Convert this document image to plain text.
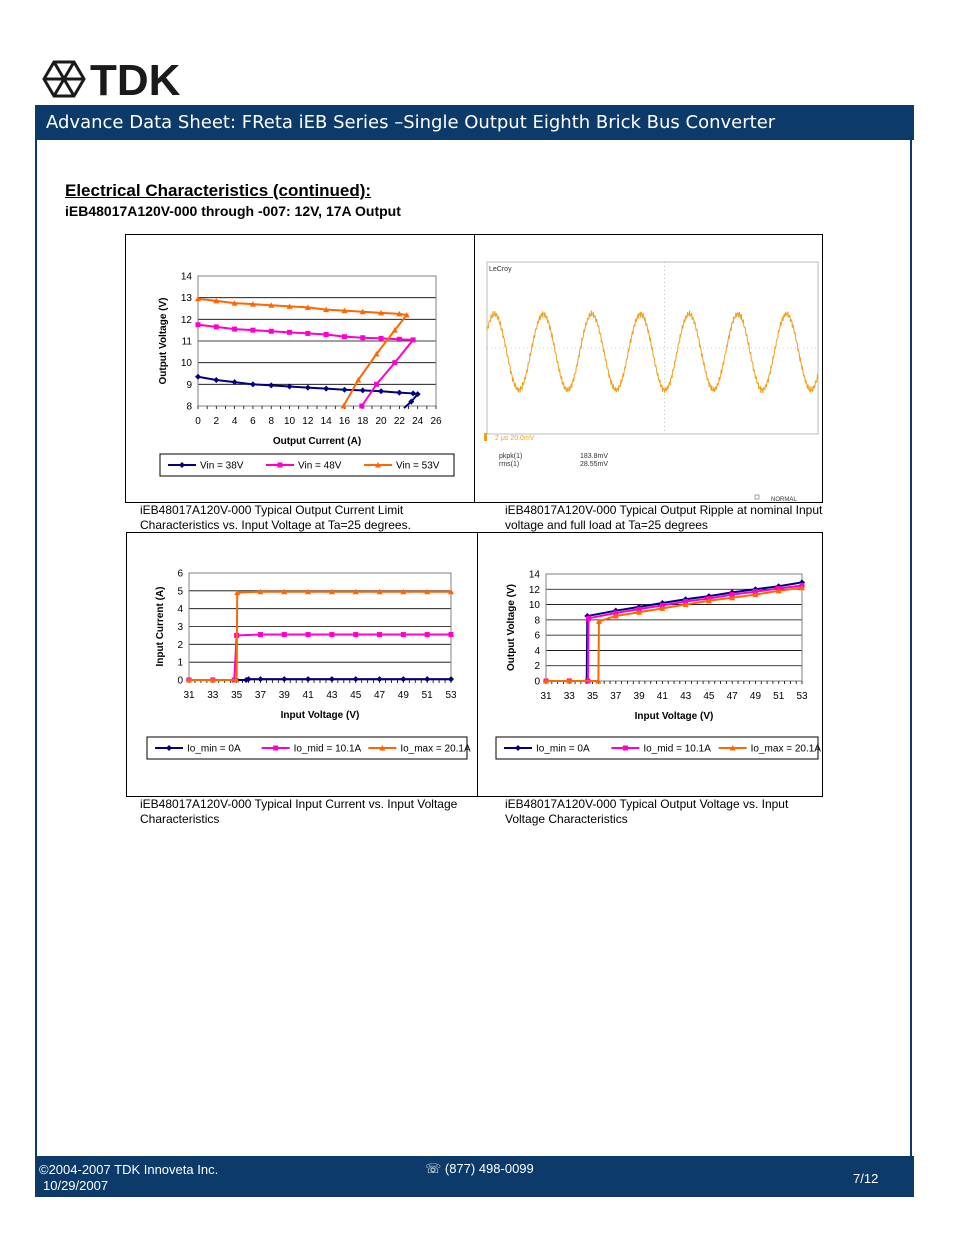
TDK
Advance Data Sheet: FReta iEB Series –Single Output Eighth Brick Bus Converter
Electrical Characteristics (continued):
iEB48017A120V-000 through -007: 12V, 17A Output
8
9
10
11
12
13
14
0 2 4 6 8 10 12 14 16 18 20 22 24 26
Output Current (A)
Output Voltage (V)
Vin = 38V	Vin = 48V	Vin = 53V
LeCroy
2 μs 20.0mV
pkpk(1)	183.8mV
rms(1)	28.55mV
NORMAL
iEB48017A120V-000 Typical Output Current Limit Characteristics vs. Input Voltage at Ta=25 degrees.
iEB48017A120V-000 Typical Output Ripple at nominal Input voltage and full load at Ta=25 degrees
0
1
2
3
4
5
6
31 33 35 37 39 41 43 45 47 49 51 53
Input Voltage (V)
Input Current (A)
Io_min = 0A	Io_mid = 10.1A	Io_max = 20.1A
0
2
4
6
8
10
12
14
31 33 35 37 39 41 43 45 47 49 51 53
Input Voltage (V)
Output Voltage (V)
Io_min = 0A	Io_mid = 10.1A	Io_max = 20.1A
iEB48017A120V-000 Typical Input Current vs. Input Voltage Characteristics
iEB48017A120V-000 Typical Output Voltage vs. Input Voltage Characteristics
©2004-2007 TDK Innoveta Inc.
10/29/2007
☏ (877) 498-0099
7/12
